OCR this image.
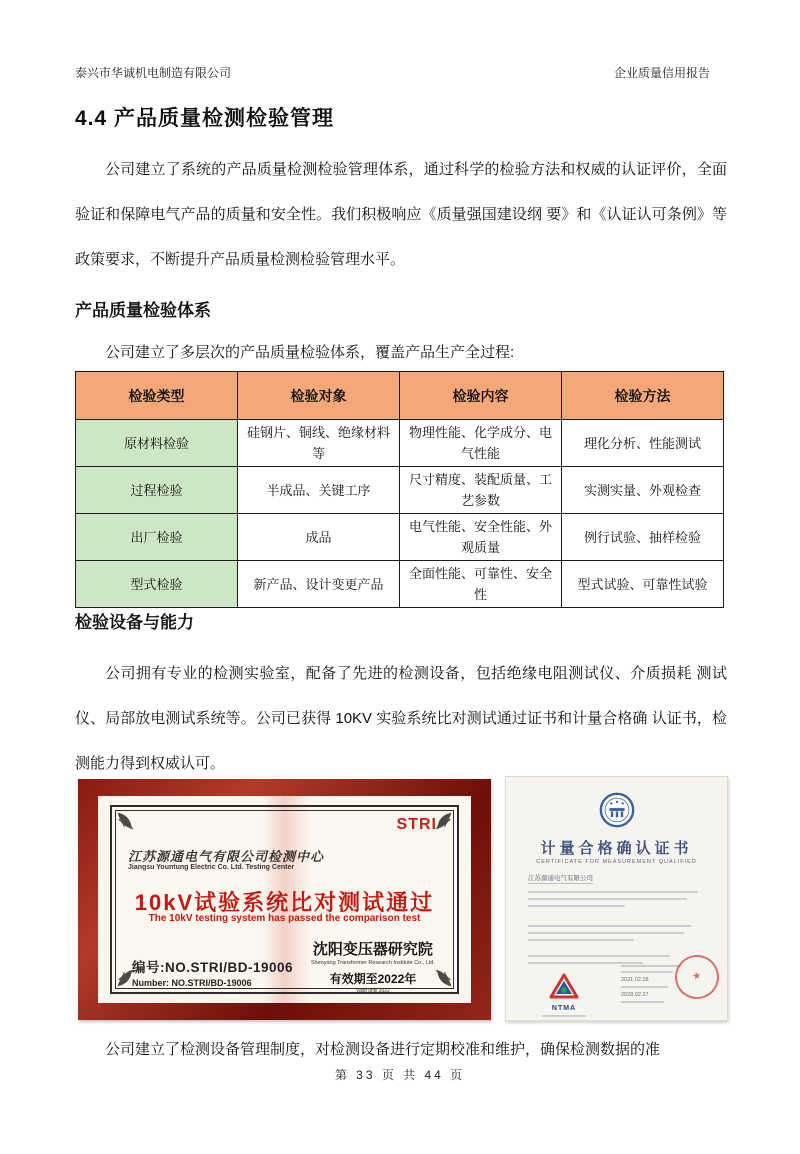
泰兴市华诚机电制造有限公司	企业质量信用报告
4.4 产品质量检测检验管理
公司建立了系统的产品质量检测检验管理体系，通过科学的检验方法和权威的认证评价，全面验证和保障电气产品的质量和安全性。我们积极响应《质量强国建设纲 要》和《认证认可条例》等政策要求，不断提升产品质量检测检验管理水平。
产品质量检验体系
公司建立了多层次的产品质量检验体系，覆盖产品生产全过程:
检验类型	检验对象	检验内容	检验方法
原材料检验	硅钢片、铜线、绝缘材料等	物理性能、化学成分、电气性能	理化分析、性能测试
过程检验	半成品、关键工序	尺寸精度、装配质量、工艺参数	实测实量、外观检查
出厂检验	成品	电气性能、安全性能、外观质量	例行试验、抽样检验
型式检验	新产品、设计变更产品	全面性能、可靠性、安全性	型式试验、可靠性试验
检验设备与能力
公司拥有专业的检测实验室，配备了先进的检测设备，包括绝缘电阻测试仪、介质损耗 测试仪、局部放电测试系统等。公司已获得 10KV 实验系统比对测试通过证书和计量合格确 认证书，检测能力得到权威认可。
STRI
江苏源通电气有限公司检测中心
Jiangsu Yountung Electric Co. Ltd. Testing Center
10kV试验系统比对测试通过
The 10kV testing system has passed the comparison test
沈阳变压器研究院
Shenyang Transformer Research Institute Co., Ltd.
有效期至2022年
Valid until 2022
编号:NO.STRI/BD-19006
Number: NO.STRI/BD-19006
计量合格确认证书
CERTIFICATE FOR MEASUREMENT QUALIFIED
江苏源通电气有限公司
NTMA
2021.02.28
2028.02.27
★
公司建立了检测设备管理制度，对检测设备进行定期校准和维护，确保检测数据的准
第 33 页 共 44 页
